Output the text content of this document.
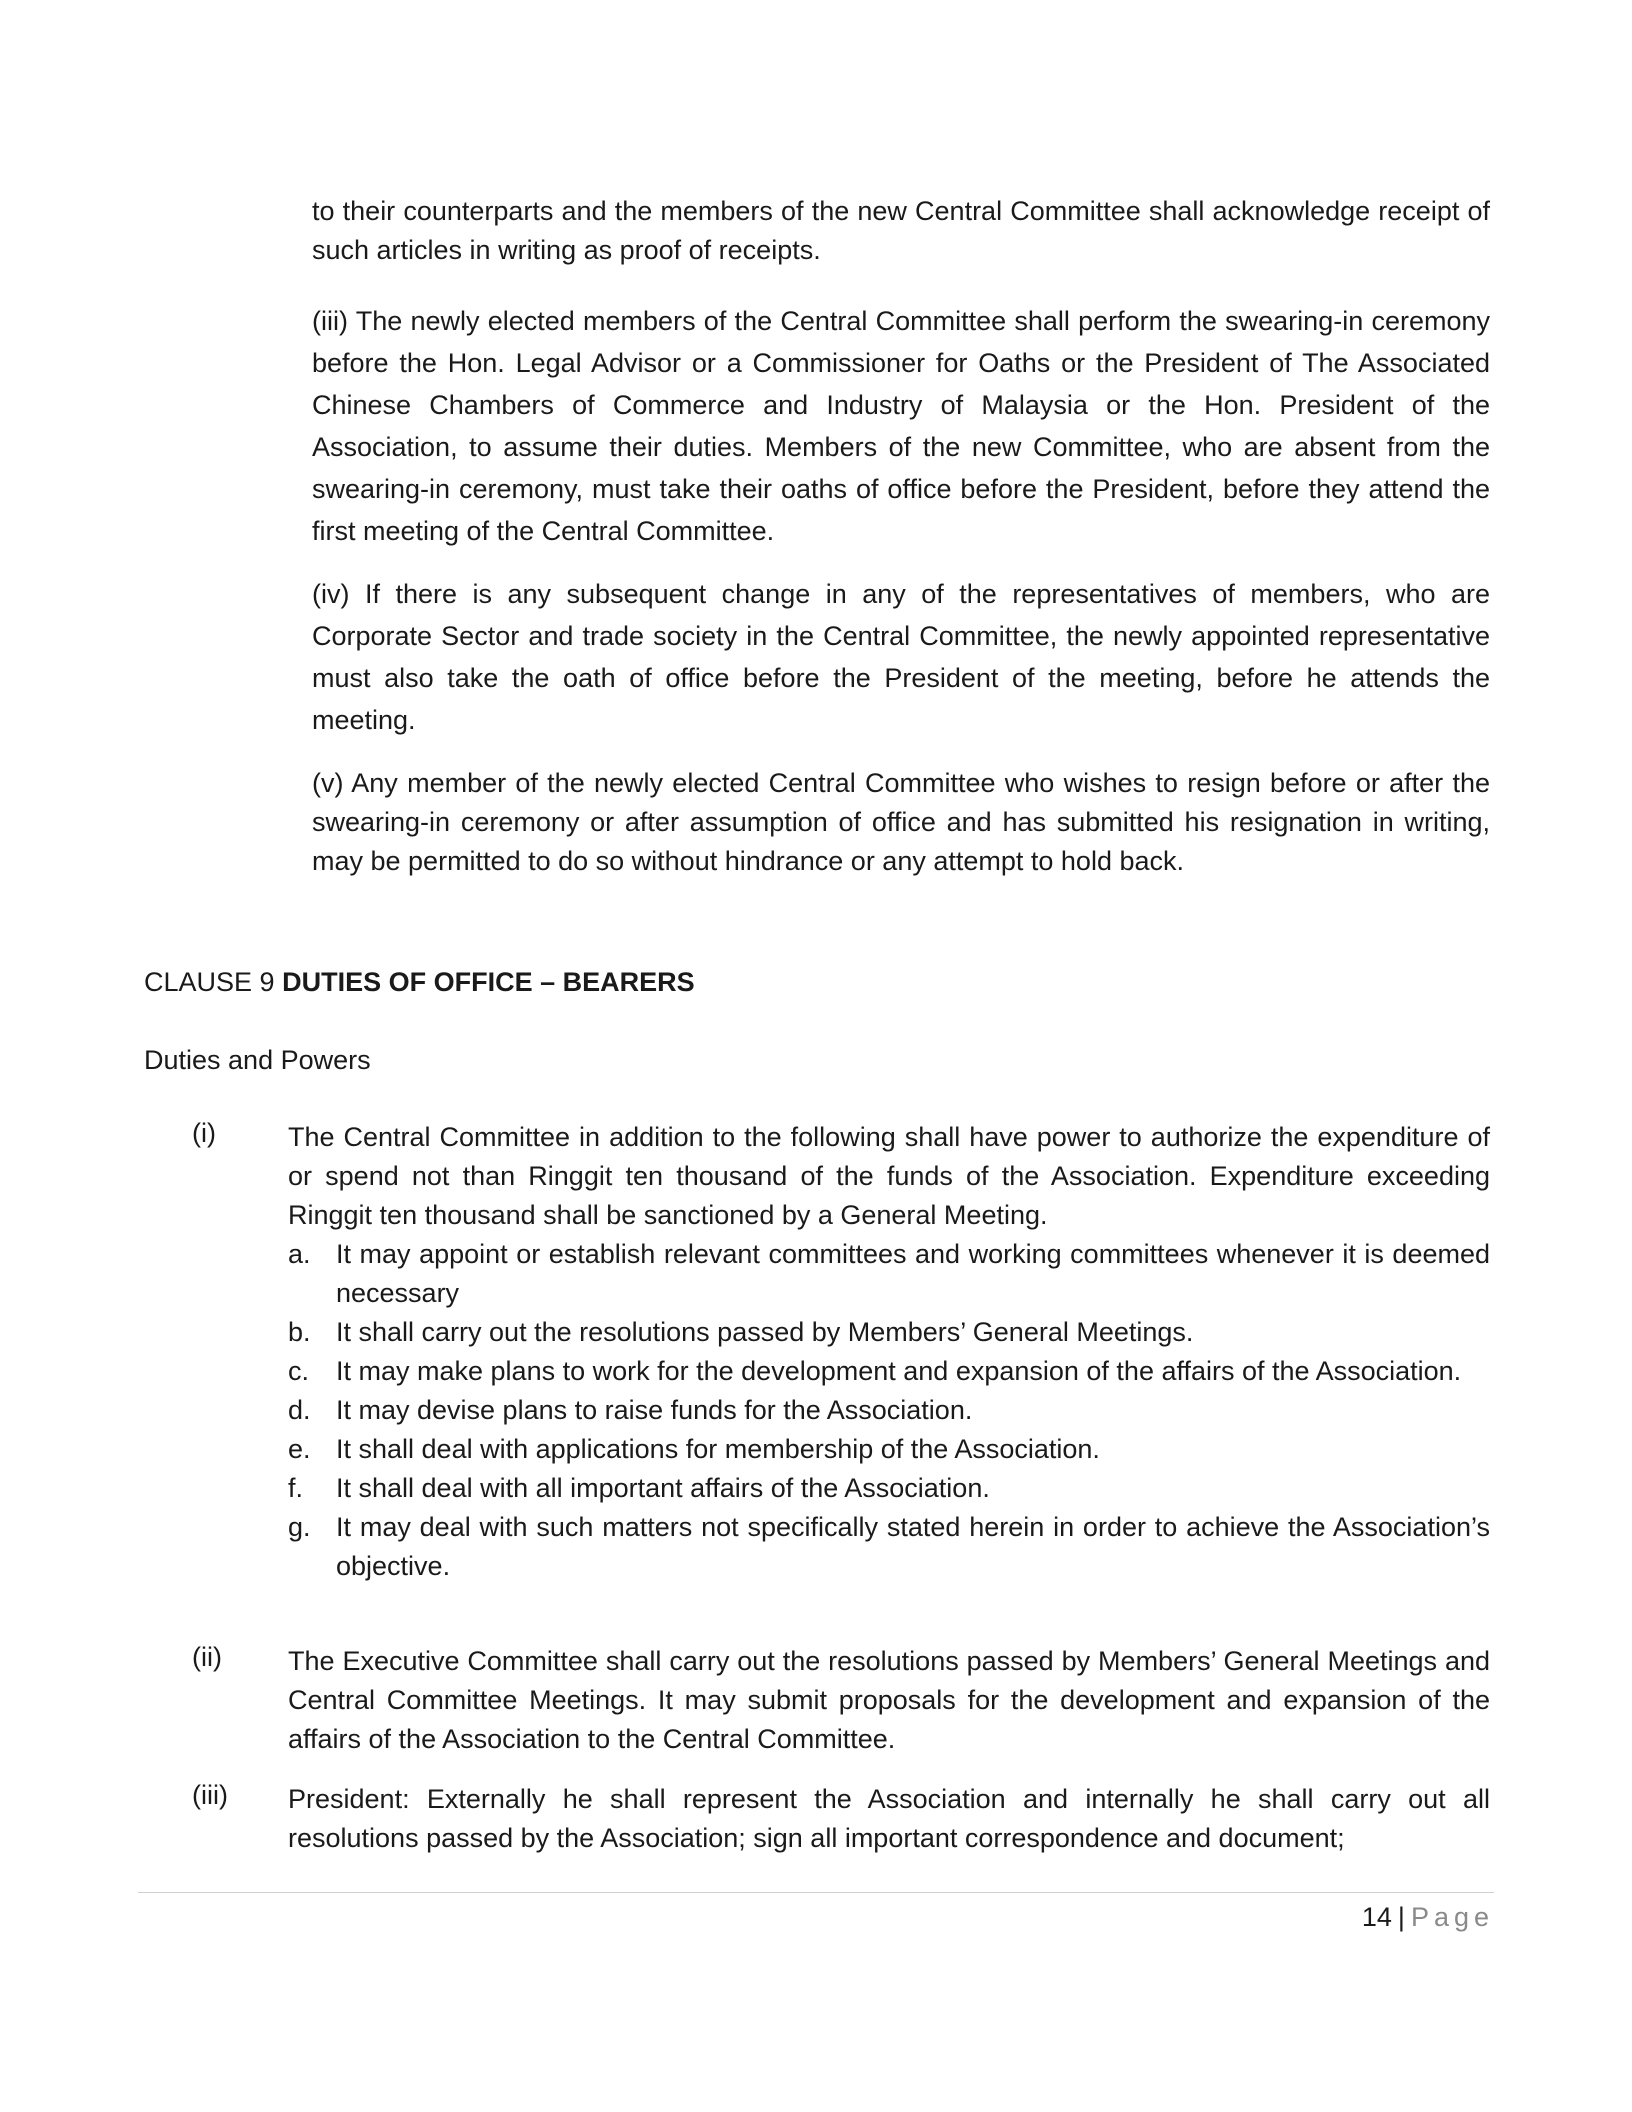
to their counterparts and the members of the new Central Committee shall acknowledge receipt of such articles in writing as proof of receipts.

(iii) The newly elected members of the Central Committee shall perform the swearing-in ceremony before the Hon. Legal Advisor or a Commissioner for Oaths or the President of The Associated Chinese Chambers of Commerce and Industry of Malaysia or the Hon. President of the Association, to assume their duties. Members of the new Committee, who are absent from the swearing-in ceremony, must take their oaths of office before the President, before they attend the first meeting of the Central Committee.

(iv) If there is any subsequent change in any of the representatives of members, who are Corporate Sector and trade society in the Central Committee, the newly appointed representative must also take the oath of office before the President of the meeting, before he attends the meeting.

(v) Any member of the newly elected Central Committee who wishes to resign before or after the swearing-in ceremony or after assumption of office and has submitted his resignation in writing, may be permitted to do so without hindrance or any attempt to hold back.

CLAUSE 9 DUTIES OF OFFICE – BEARERS

Duties and Powers

(i)	The Central Committee in addition to the following shall have power to authorize the expenditure of or spend not than Ringgit ten thousand of the funds of the Association. Expenditure exceeding Ringgit ten thousand shall be sanctioned by a General Meeting.
a. It may appoint or establish relevant committees and working committees whenever it is deemed necessary
b. It shall carry out the resolutions passed by Members’ General Meetings.
c. It may make plans to work for the development and expansion of the affairs of the Association.
d. It may devise plans to raise funds for the Association.
e. It shall deal with applications for membership of the Association.
f. It shall deal with all important affairs of the Association.
g. It may deal with such matters not specifically stated herein in order to achieve the Association’s objective.
(ii) The Executive Committee shall carry out the resolutions passed by Members’ General Meetings and Central Committee Meetings. It may submit proposals for the development and expansion of the affairs of the Association to the Central Committee.
(iii) President: Externally he shall represent the Association and internally he shall carry out all resolutions passed by the Association; sign all important correspondence and document;
14 | Page
